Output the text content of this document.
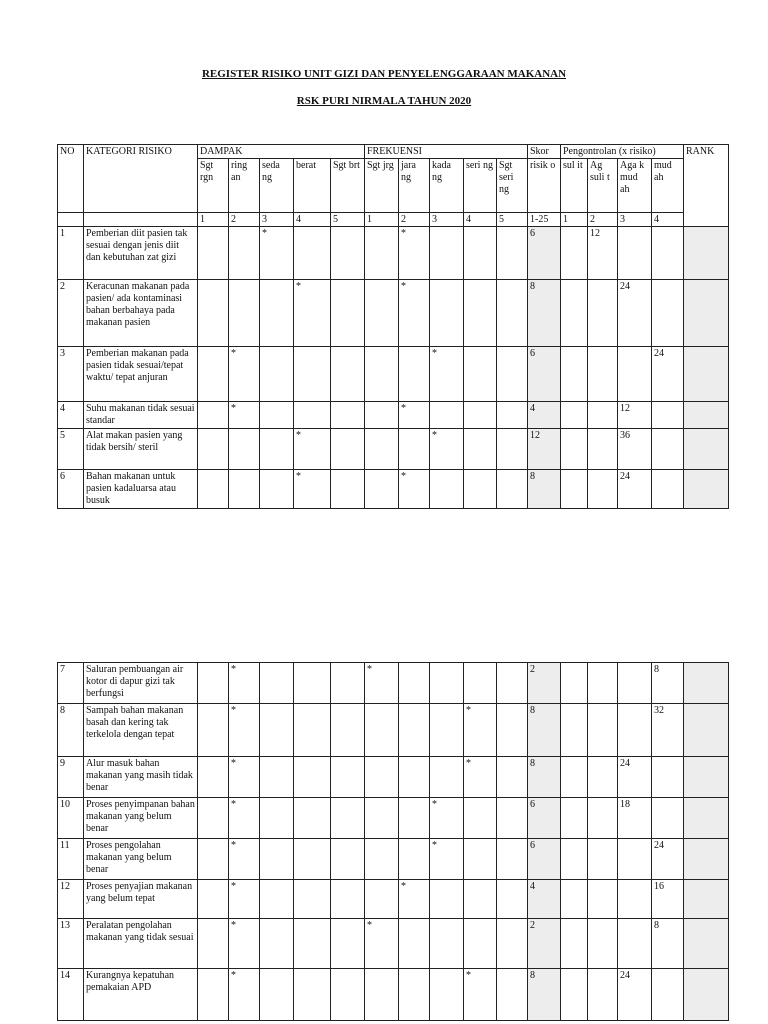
REGISTER RISIKO UNIT GIZI DAN PENYELENGGARAAN MAKANAN
RSK PURI NIRMALA TAHUN 2020
NO	KATEGORI RISIKO	DAMPAK					FREKUENSI					Skor	Pengontrolan (x risiko)				RANK
		Sgt rgn	ring an	seda ng	berat	Sgt brt	Sgt jrg	jara ng	kada ng	seri ng	Sgt seri ng	risik o	sul it	Ag suli t	Aga k mud ah	mud ah	
		1	2	3	4	5	1	2	3	4	5	1-25	1	2	3	4	
1	Pemberian diit pasien tak sesuai dengan jenis diit dan kebutuhan zat gizi			*				*				6		12			
2	Keracunan makanan pada pasien/ ada kontaminasi bahan berbahaya pada makanan pasien				*			*				8			24		
3	Pemberian makanan pada pasien tidak sesuai/tepat waktu/ tepat anjuran		*						*			6				24	
4	Suhu makanan tidak sesuai standar		*					*				4			12		
5	Alat makan pasien yang tidak bersih/ steril				*				*			12			36		
6	Bahan makanan untuk pasien kadaluarsa atau busuk				*			*				8			24		
7	Saluran pembuangan air kotor di dapur gizi tak berfungsi		*				*					2				8	
8	Sampah bahan makanan basah dan kering tak terkelola dengan tepat		*							*		8				32	
9	Alur masuk bahan makanan yang masih tidak benar		*							*		8			24		
10	Proses penyimpanan bahan makanan yang belum benar		*						*			6			18		
11	Proses pengolahan makanan yang belum benar		*						*			6				24	
12	Proses penyajian makanan yang belum tepat		*					*				4				16	
13	Peralatan pengolahan makanan yang tidak sesuai		*				*					2				8	
14	Kurangnya kepatuhan pemakaian APD		*							*		8			24		
